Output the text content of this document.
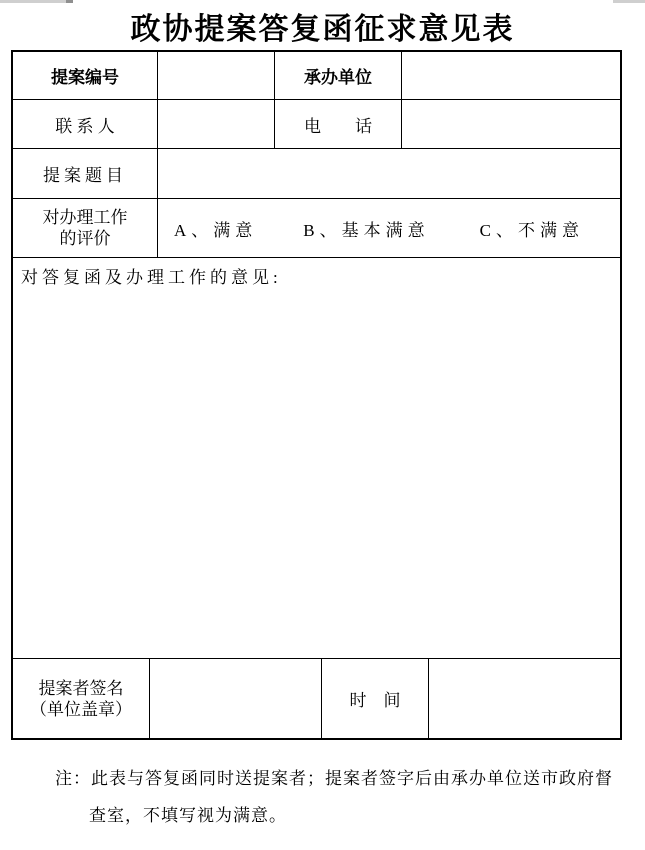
政协提案答复函征求意见表
提案编号	承办单位
联 系 人	电　　话
提案题目
对办理工作
的评价	A、满意	B、基本满意	C、不满意
对答复函及办理工作的意见:
提案者签名
（单位盖章）	时　间
注：此表与答复函同时送提案者；提案者签字后由承办单位送市政府督
查室，不填写视为满意。
